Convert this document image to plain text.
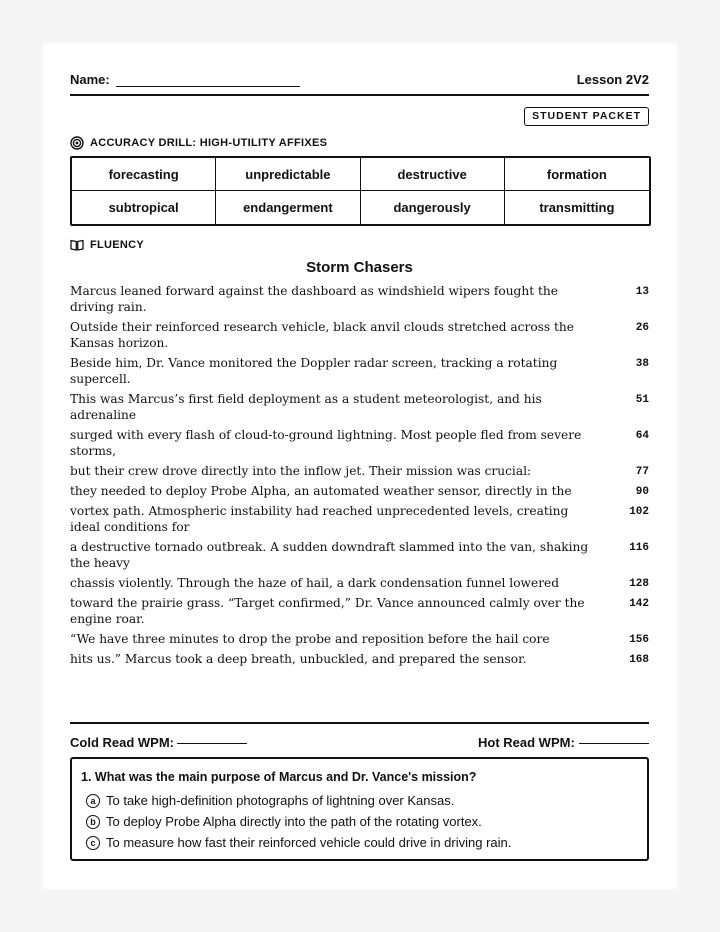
Name:	Lesson 2V2
STUDENT PACKET
ACCURACY DRILL: HIGH-UTILITY AFFIXES
forecasting	unpredictable	destructive	formation
subtropical	endangerment	dangerously	transmitting
FLUENCY
Storm Chasers
Marcus leaned forward against the dashboard as windshield wipers fought the driving rain.
13
Outside their reinforced research vehicle, black anvil clouds stretched across the Kansas horizon.
26
Beside him, Dr. Vance monitored the Doppler radar screen, tracking a rotating supercell.
38
This was Marcus’s first field deployment as a student meteorologist, and his adrenaline
51
surged with every flash of cloud-to-ground lightning. Most people fled from severe storms,
64
but their crew drove directly into the inflow jet. Their mission was crucial:	77
they needed to deploy Probe Alpha, an automated weather sensor, directly in the	90
vortex path. Atmospheric instability had reached unprecedented levels, creating ideal conditions for
102
a destructive tornado outbreak. A sudden downdraft slammed into the van, shaking the heavy
116
chassis violently. Through the haze of hail, a dark condensation funnel lowered	128
toward the prairie grass. “Target confirmed,” Dr. Vance announced calmly over the engine roar.
142
“We have three minutes to drop the probe and reposition before the hail core	156
hits us.” Marcus took a deep breath, unbuckled, and prepared the sensor.	168
Cold Read WPM:	Hot Read WPM:
1. What was the main purpose of Marcus and Dr. Vance's mission?
a To take high-definition photographs of lightning over Kansas.
b To deploy Probe Alpha directly into the path of the rotating vortex.
c To measure how fast their reinforced vehicle could drive in driving rain.
